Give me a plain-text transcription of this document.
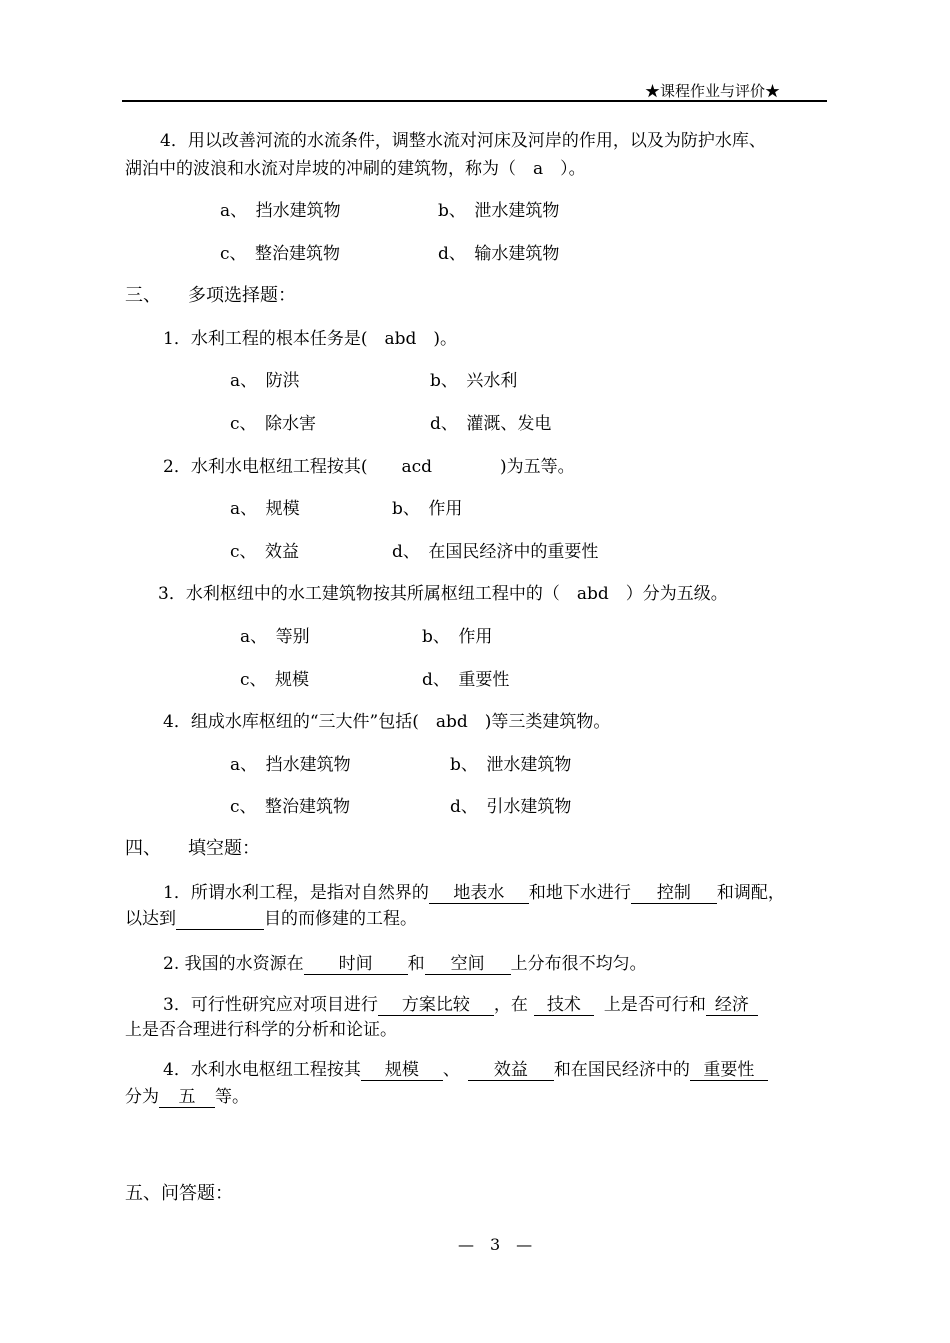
★课程作业与评价★
4．用以改善河流的水流条件，调整水流对河床及河岸的作用，以及为防护水库、
湖泊中的波浪和水流对岸坡的冲刷的建筑物，称为（　a　）。
a、　挡水建筑物	b、　泄水建筑物
c、　整治建筑物	d、　输水建筑物
三、　　多项选择题：
1．水利工程的根本任务是(　abd　)。
a、　防洪	b、　兴水利
c、　除水害	d、　灌溉、发电
2．水利水电枢纽工程按其(　　acd　　　　)为五等。
a、　规模	b、　作用
c、　效益	d、　在国民经济中的重要性
3．水利枢纽中的水工建筑物按其所属枢纽工程中的（　abd　）分为五级。
a、　等别	b、　作用
c、　规模	d、　重要性
4．组成水库枢纽的“三大件”包括(　abd　)等三类建筑物。
a、　挡水建筑物	b、　泄水建筑物
c、　整治建筑物	d、　引水建筑物
四、　　填空题：
1．所谓水利工程，是指对自然界的 地表水 和地下水进行 控制 和调配，
以达到	目的而修建的工程。
2. 我国的水资源在 时间 和 空间 上分布很不均匀。
3．可行性研究应对项目进行 方案比较 ，在 技术 上是否可行和 经济
上是否合理进行科学的分析和论证。
4．水利水电枢纽工程按其 规模 、 效益 和在国民经济中的 重要性
分为 五 等。
五、问答题：
—　3　—
